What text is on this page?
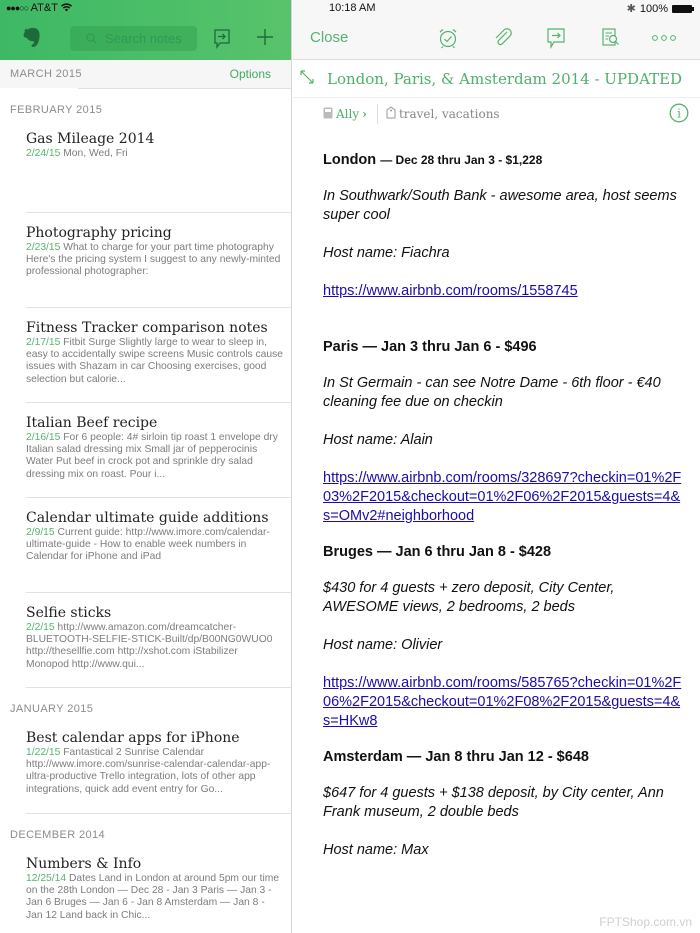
●●●○○ AT&T
Search notes
MARCH 2015	Options
FEBRUARY 2015
Gas Mileage 2014
2/24/15 Mon, Wed, Fri
Photography pricing
2/23/15 What to charge for your part time photography Here's the pricing system I suggest to any newly-minted professional photographer:
Fitness Tracker comparison notes
2/17/15 Fitbit Surge Slightly large to wear to sleep in, easy to accidentally swipe screens Music controls cause issues with Shazam in car Choosing exercises, good selection but calorie...
Italian Beef recipe
2/16/15 For 6 people: 4# sirloin tip roast 1 envelope dry Italian salad dressing mix Small jar of pepperocinis Water Put beef in crock pot and sprinkle dry salad dressing mix on roast. Pour i...
Calendar ultimate guide additions
2/9/15 Current guide: http://www.imore.com/calendar-ultimate-guide - How to enable week numbers in Calendar for iPhone and iPad
Selfie sticks
2/2/15 http://www.amazon.com/dreamcatcher-BLUETOOTH-SELFIE-STICK-Built/dp/B00NG0WUO0 http://thesellfie.com http://xshot.com iStabilizer Monopod http://www.qui...
JANUARY 2015
Best calendar apps for iPhone
1/22/15 Fantastical 2 Sunrise Calendar http://www.imore.com/sunrise-calendar-calendar-app-ultra-productive Trello integration, lots of other app integrations, quick add event entry for Go...
DECEMBER 2014
Numbers & Info
12/25/14 Dates Land in London at around 5pm our time on the 28th London — Dec 28 - Jan 3 Paris — Jan 3 - Jan 6 Bruges — Jan 6 - Jan 8 Amsterdam — Jan 8 - Jan 12 Land back in Chic...
10:18 AM	✱ 100%
Close
London, Paris, & Amsterdam 2014 - UPDATED
Ally ›	travel, vacations	i
London — Dec 28 thru Jan 3 - $1,228
In Southwark/South Bank - awesome area, host seems super cool
Host name: Fiachra
https://www.airbnb.com/rooms/1558745
Paris — Jan 3 thru Jan 6 - $496
In St Germain - can see Notre Dame - 6th floor - €40 cleaning fee due on checkin
Host name: Alain
https://www.airbnb.com/rooms/328697?checkin=01%2F03%2F2015&checkout=01%2F06%2F2015&guests=4&s=OMv2#neighborhood
Bruges — Jan 6 thru Jan 8 - $428
$430 for 4 guests + zero deposit, City Center, AWESOME views, 2 bedrooms, 2 beds
Host name: Olivier
https://www.airbnb.com/rooms/585765?checkin=01%2F06%2F2015&checkout=01%2F08%2F2015&guests=4&s=HKw8
Amsterdam — Jan 8 thru Jan 12 - $648
$647 for 4 guests + $138 deposit, by City center, Ann Frank museum, 2 double beds
Host name: Max
FPTShop.com.vn
